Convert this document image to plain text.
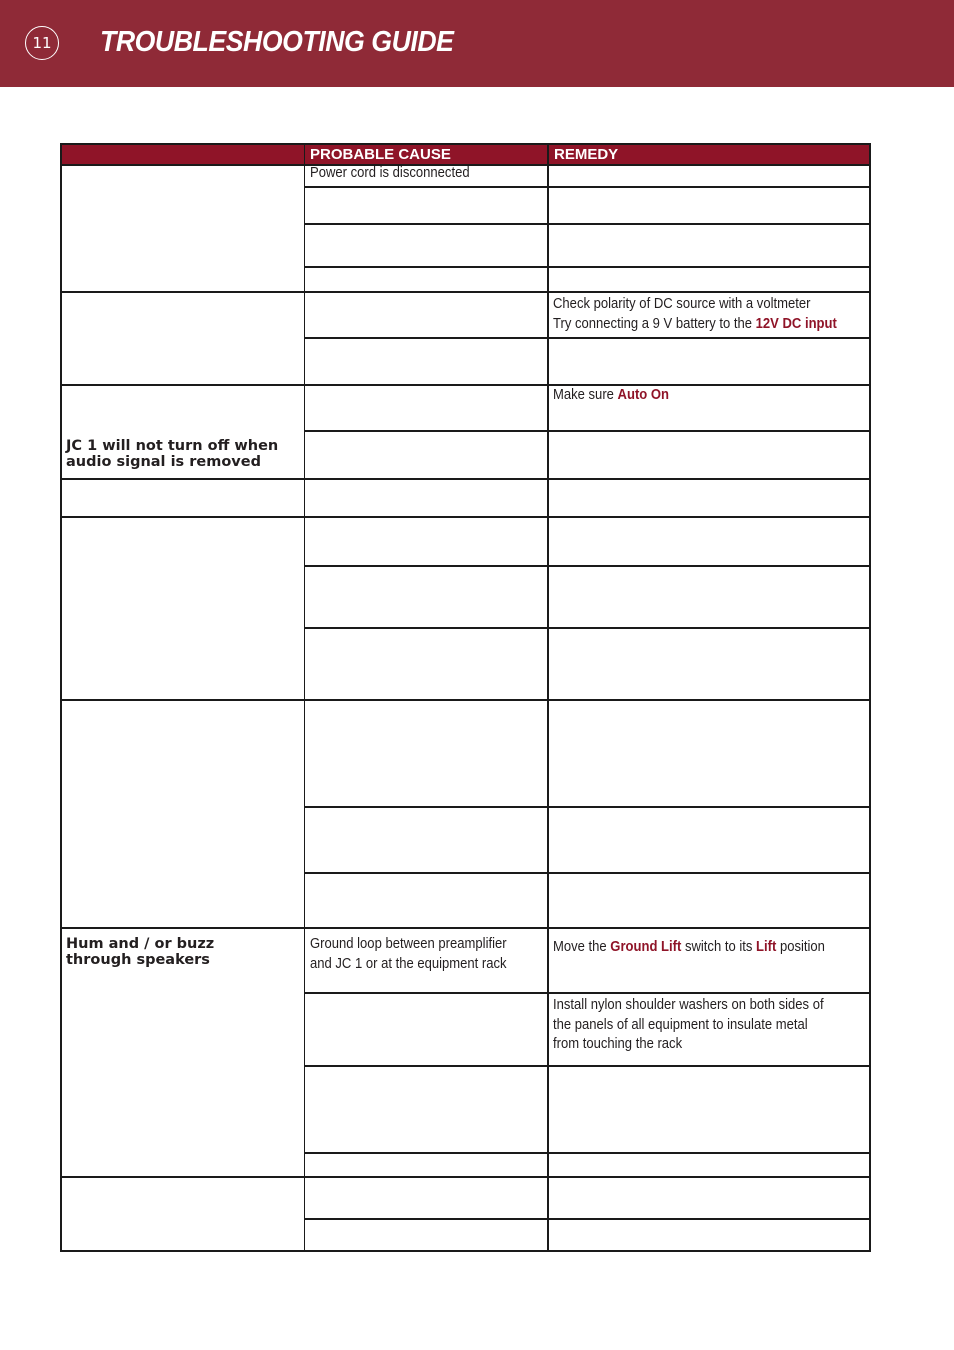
11 TROUBLESHOOTING GUIDE
PROBABLE CAUSE	REMEDY
Power cord is disconnected
Ground loop between preamplifier
and JC 1 or at the equipment rack
Check polarity of DC source with a voltmeter
Try connecting a 9 V battery to the 12V DC input
Make sure Auto On
Move the Ground Lift switch to its Lift position
Install nylon shoulder washers on both sides of
the panels of all equipment to insulate metal
from touching the rack
JC 1 will not turn off when
audio signal is removed
Hum and / or buzz
through speakers
